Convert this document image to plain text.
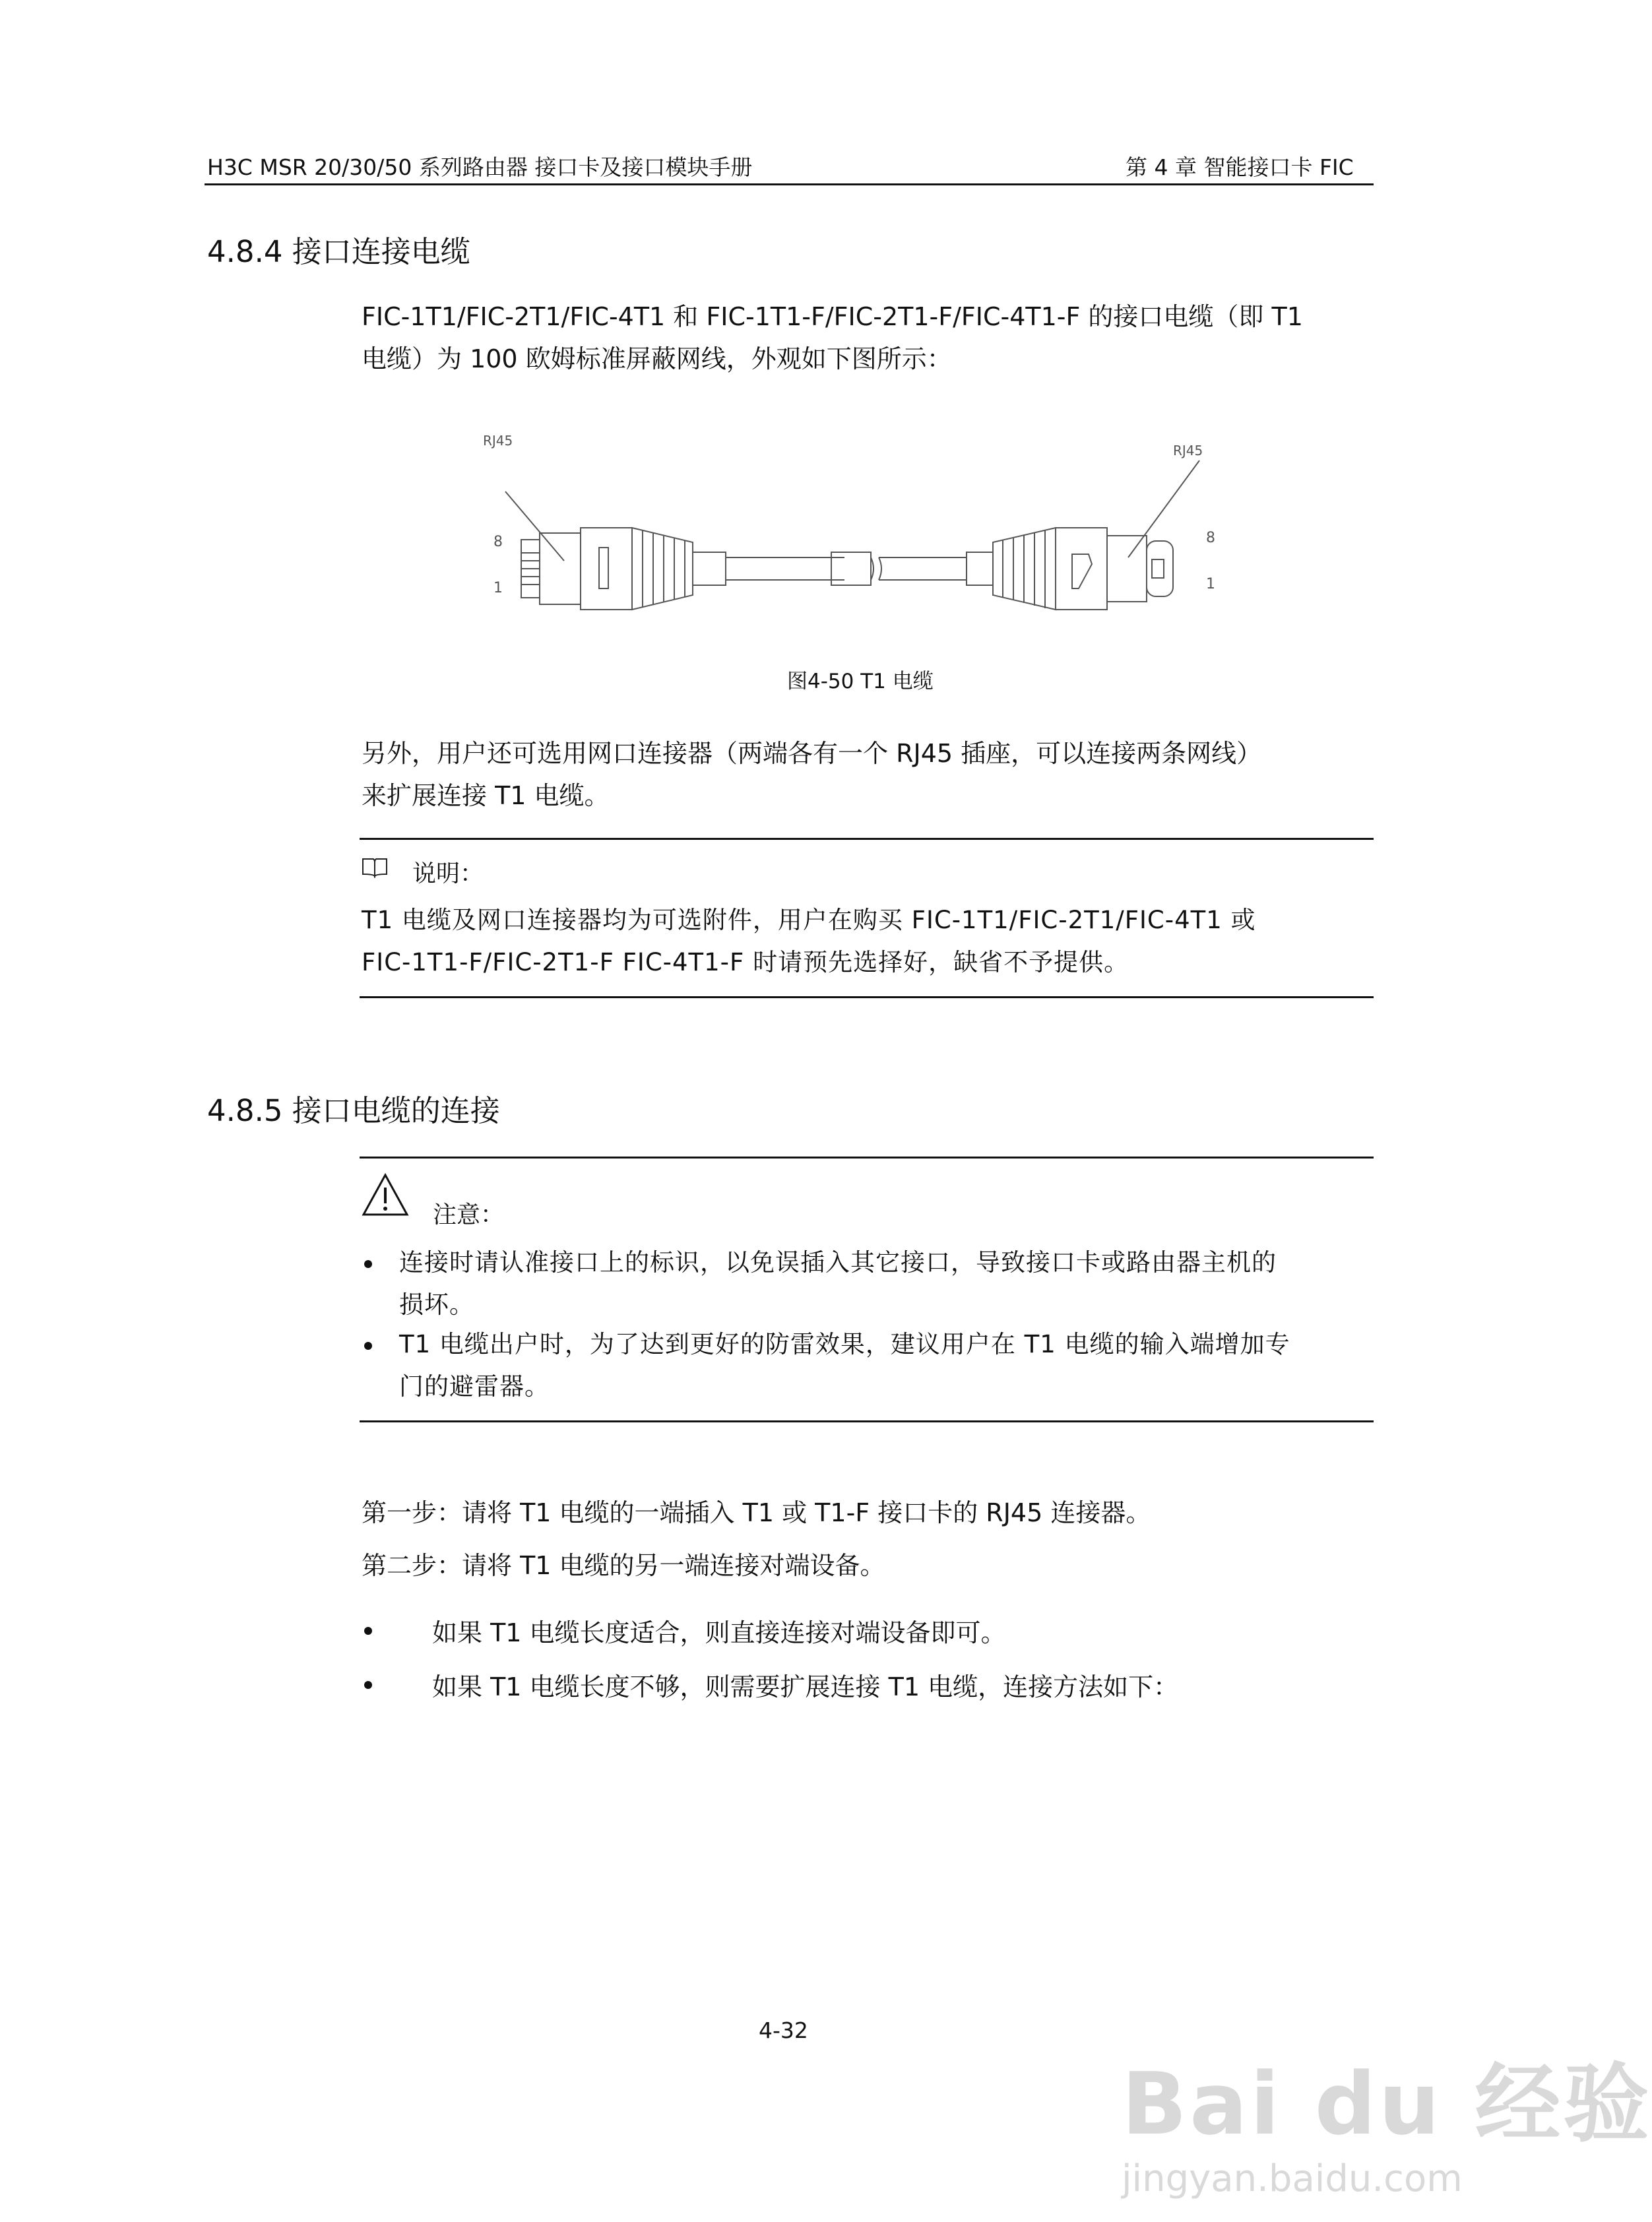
H3C MSR 20/30/50 系列路由器 接口卡及接口模块手册	第 4 章 智能接口卡 FIC
4.8.4 接口连接电缆
FIC-1T1/FIC-2T1/FIC-4T1 和 FIC-1T1-F/FIC-2T1-F/FIC-4T1-F 的接口电缆（即 T1
电缆）为 100 欧姆标准屏蔽网线，外观如下图所示：
RJ45
RJ45
8
1
8
1
图4-50 T1 电缆
另外，用户还可选用网口连接器（两端各有一个 RJ45 插座，可以连接两条网线）
来扩展连接 T1 电缆。
说明：
T1 电缆及网口连接器均为可选附件，用户在购买 FIC-1T1/FIC-2T1/FIC-4T1 或
FIC-1T1-F/FIC-2T1-F FIC-4T1-F 时请预先选择好，缺省不予提供。
4.8.5 接口电缆的连接
注意：
连接时请认准接口上的标识，以免误插入其它接口，导致接口卡或路由器主机的
损坏。
T1 电缆出户时，为了达到更好的防雷效果，建议用户在 T1 电缆的输入端增加专
门的避雷器。
第一步：请将 T1 电缆的一端插入 T1 或 T1-F 接口卡的 RJ45 连接器。
第二步：请将 T1 电缆的另一端连接对端设备。
如果 T1 电缆长度适合，则直接连接对端设备即可。
如果 T1 电缆长度不够，则需要扩展连接 T1 电缆，连接方法如下：
4-32
Bai du 经验
jingyan.baidu.com
